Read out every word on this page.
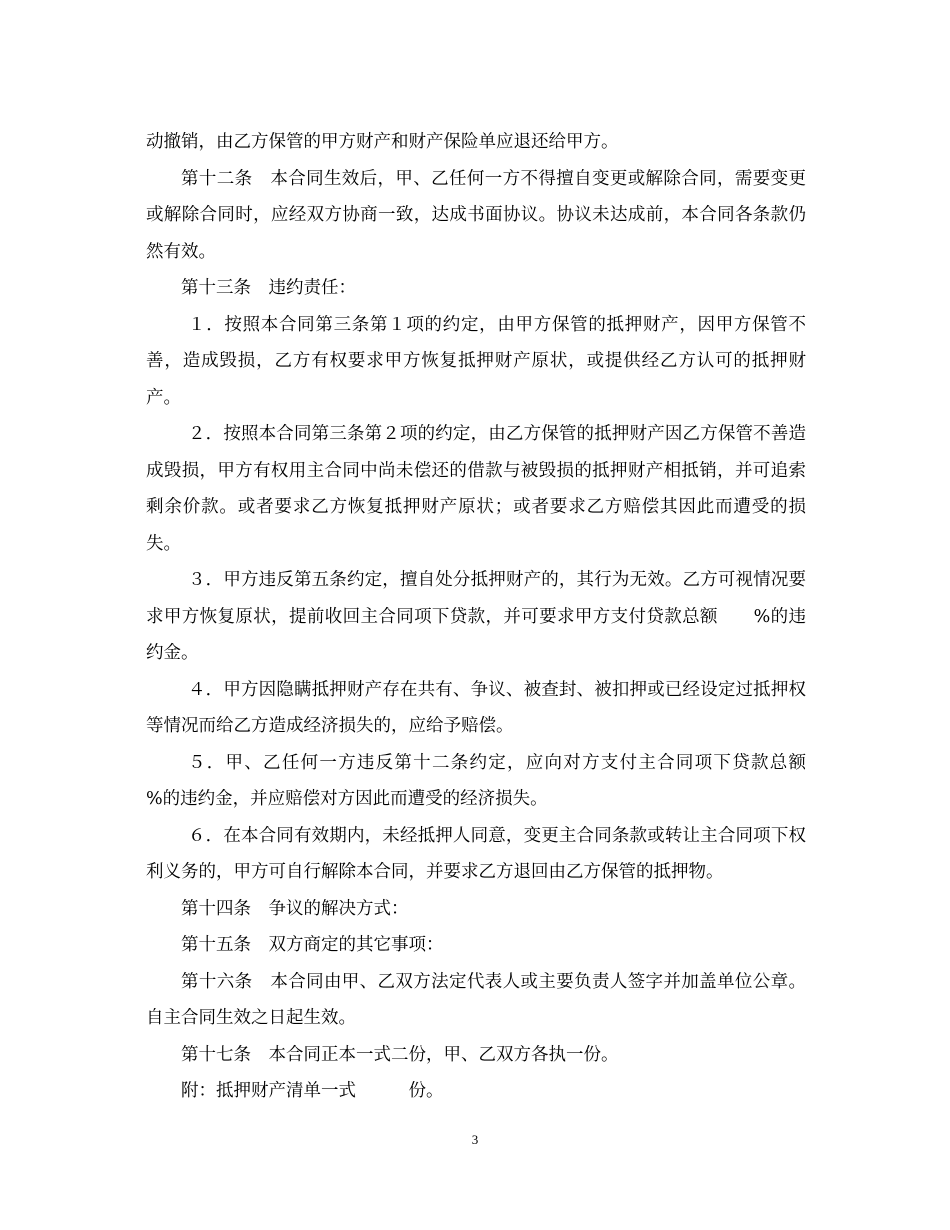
动撤销，由乙方保管的甲方财产和财产保险单应退还给甲方。

第十二条　本合同生效后，甲、乙任何一方不得擅自变更或解除合同，需要变更或解除合同时，应经双方协商一致，达成书面协议。协议未达成前，本合同各条款仍然有效。

第十三条　违约责任：

１．按照本合同第三条第１项的约定，由甲方保管的抵押财产，因甲方保管不善，造成毁损，乙方有权要求甲方恢复抵押财产原状，或提供经乙方认可的抵押财产。

２．按照本合同第三条第２项的约定，由乙方保管的抵押财产因乙方保管不善造成毁损，甲方有权用主合同中尚未偿还的借款与被毁损的抵押财产相抵销，并可追索剩余价款。或者要求乙方恢复抵押财产原状；或者要求乙方赔偿其因此而遭受的损失。

３．甲方违反第五条约定，擅自处分抵押财产的，其行为无效。乙方可视情况要求甲方恢复原状，提前收回主合同项下贷款，并可要求甲方支付贷款总额　　%的违约金。

４．甲方因隐瞒抵押财产存在共有、争议、被查封、被扣押或已经设定过抵押权等情况而给乙方造成经济损失的，应给予赔偿。

５．甲、乙任何一方违反第十二条约定，应向对方支付主合同项下贷款总额　　%的违约金，并应赔偿对方因此而遭受的经济损失。

６．在本合同有效期内，未经抵押人同意，变更主合同条款或转让主合同项下权利义务的，甲方可自行解除本合同，并要求乙方退回由乙方保管的抵押物。

第十四条　争议的解决方式：

第十五条　双方商定的其它事项：

第十六条　本合同由甲、乙双方法定代表人或主要负责人签字并加盖单位公章。自主合同生效之日起生效。

第十七条　本合同正本一式二份，甲、乙双方各执一份。

附：抵押财产清单一式　　　份。

3
